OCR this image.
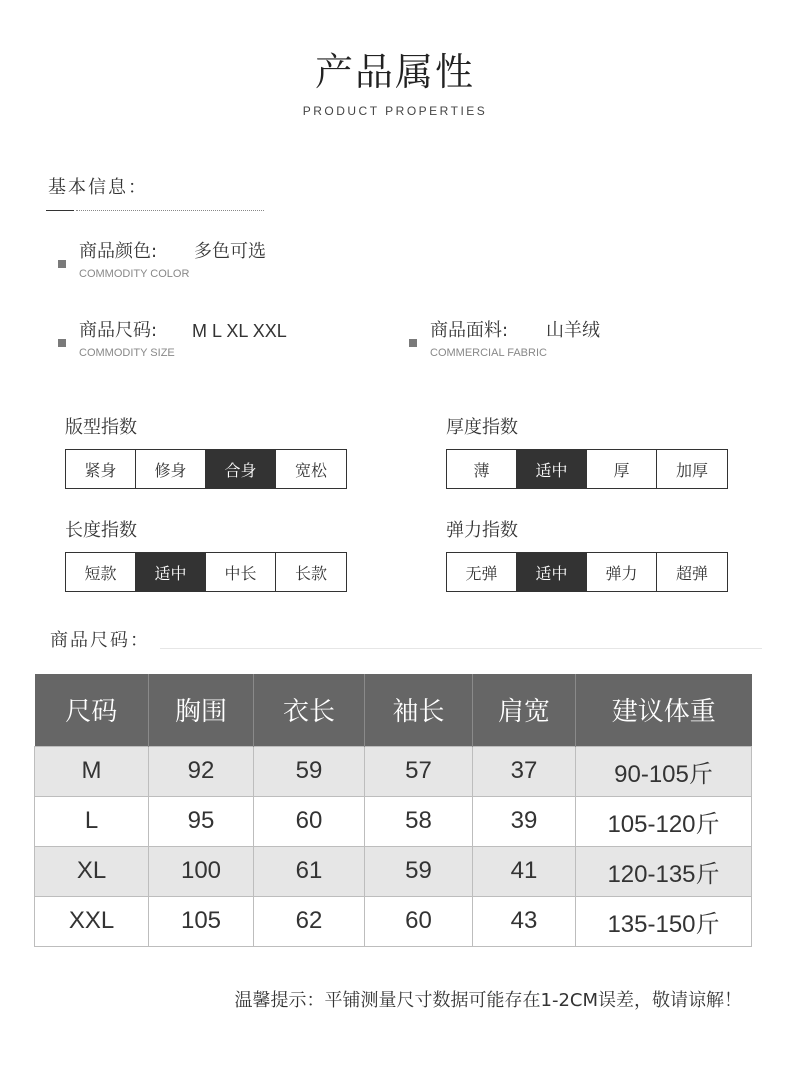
产品属性
PRODUCT PROPERTIES
基本信息：
商品颜色:
COMMODITY COLOR
多色可选
商品尺码:
COMMODITY SIZE
M L XL XXL	商品面料:
COMMERCIAL FABRIC
山羊绒
版型指数
紧身	修身	合身	宽松
厚度指数
薄	适中	厚	加厚
长度指数
短款	适中	中长	长款
弹力指数
无弹	适中	弹力	超弹
商品尺码：
尺码	胸围	衣长	袖长	肩宽	建议体重
M	92	59	57	37	90-105斤
L	95	60	58	39	105-120斤
XL	100	61	59	41	120-135斤
XXL	105	62	60	43	135-150斤
温馨提示：平铺测量尺寸数据可能存在1-2CM误差，敬请谅解！
